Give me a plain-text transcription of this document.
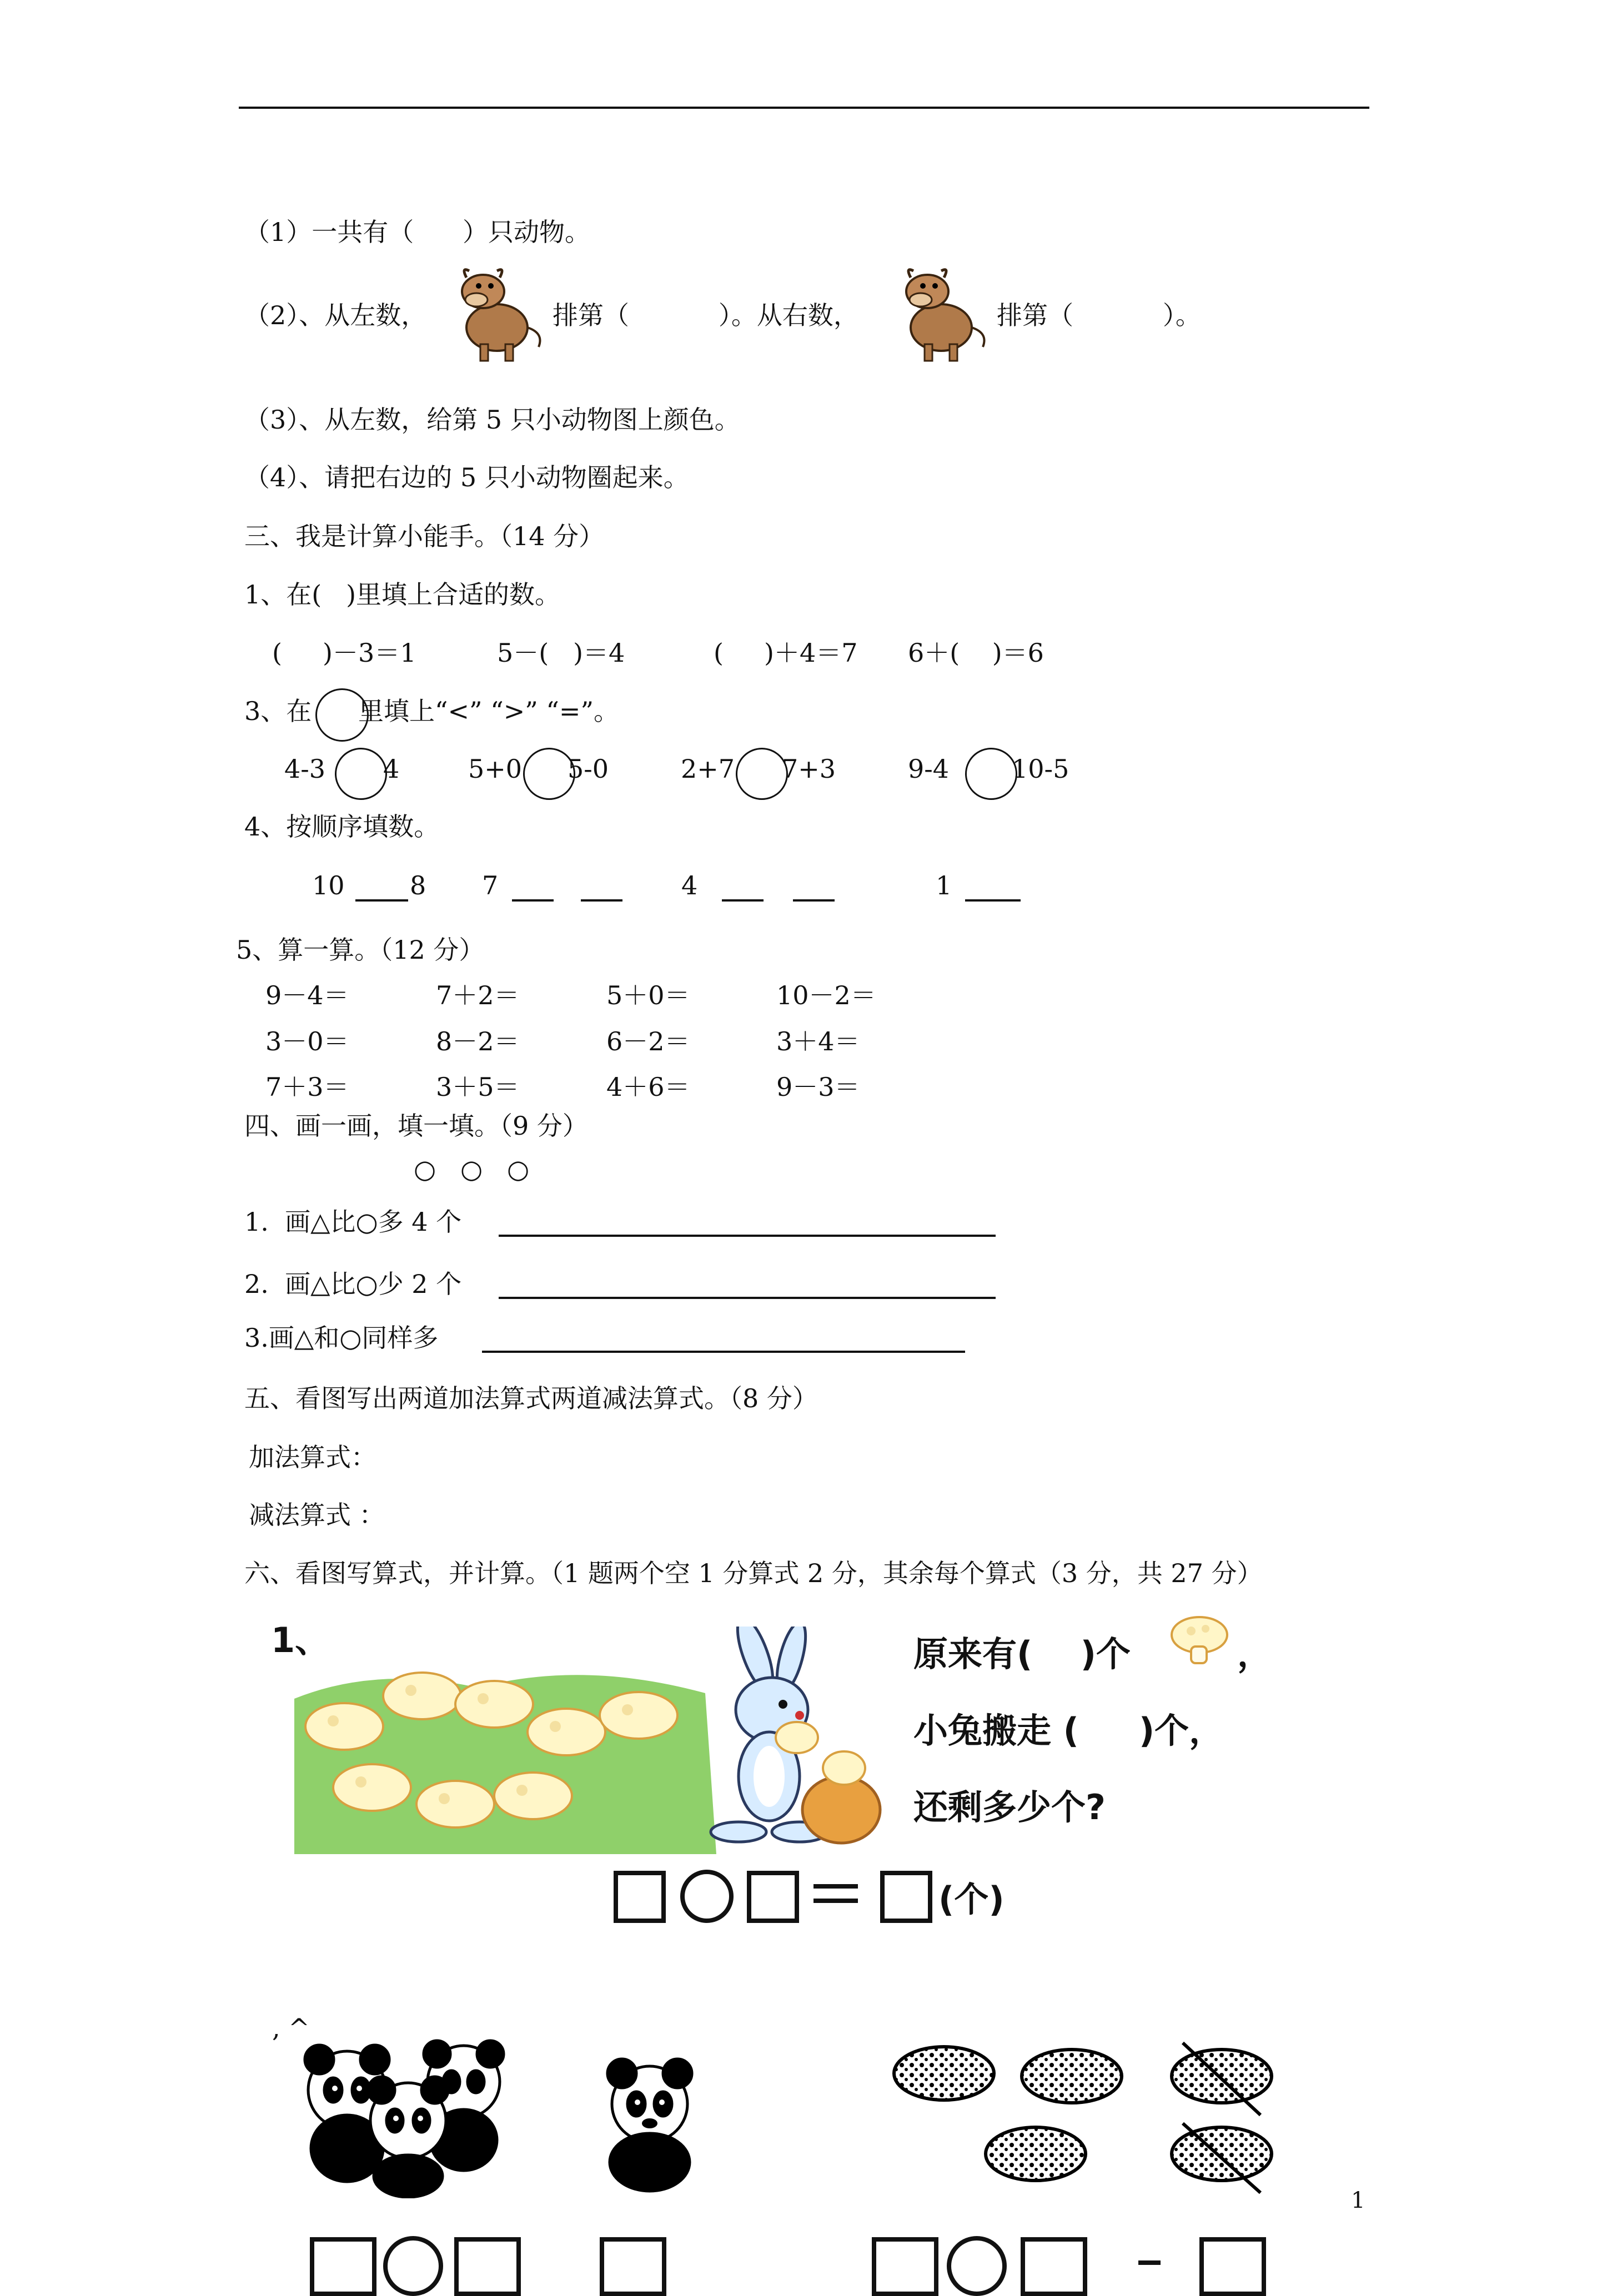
（1）一共有（      ）只动物。
（2）、从左数，	排第（           ）。从右数，	排第（           ）。
（3）、从左数，给第 5 只小动物图上颜色。
（4）、请把右边的 5 只小动物圈起来。
三、我是计算小能手。（14 分）
1、在(   )里填上合适的数。
(     )－3＝1	5－(   )＝4	(     )＋4＝7 6＋(    )＝6
3、在 里填上“<” “>” “=”。
4-3 4	5+0 5-0	2+7 7+3	9-4 10-5
4、按顺序填数。
10	8 7	4	1
5、算一算。（12 分）
9－4＝	7＋2＝	5＋0＝	10－2＝
3－0＝	8－2＝	6－2＝	3＋4＝
7＋3＝	3＋5＝	4＋6＝	9－3＝
四、画一画，填一填。（9 分）
○   ○   ○
1.  画△比○多 4 个
2.  画△比○少 2 个
3.画△和○同样多
五、看图写出两道加法算式两道减法算式。（8 分）
加法算式：
减法算式 ：
六、看图写算式，并计算。（1 题两个空 1 分算式 2 分，其余每个算式（3 分，共 27 分）
1、	原来有(    )个	，
小兔搬走 (     )个，
还剩多少个?
(个)
, ^
1
